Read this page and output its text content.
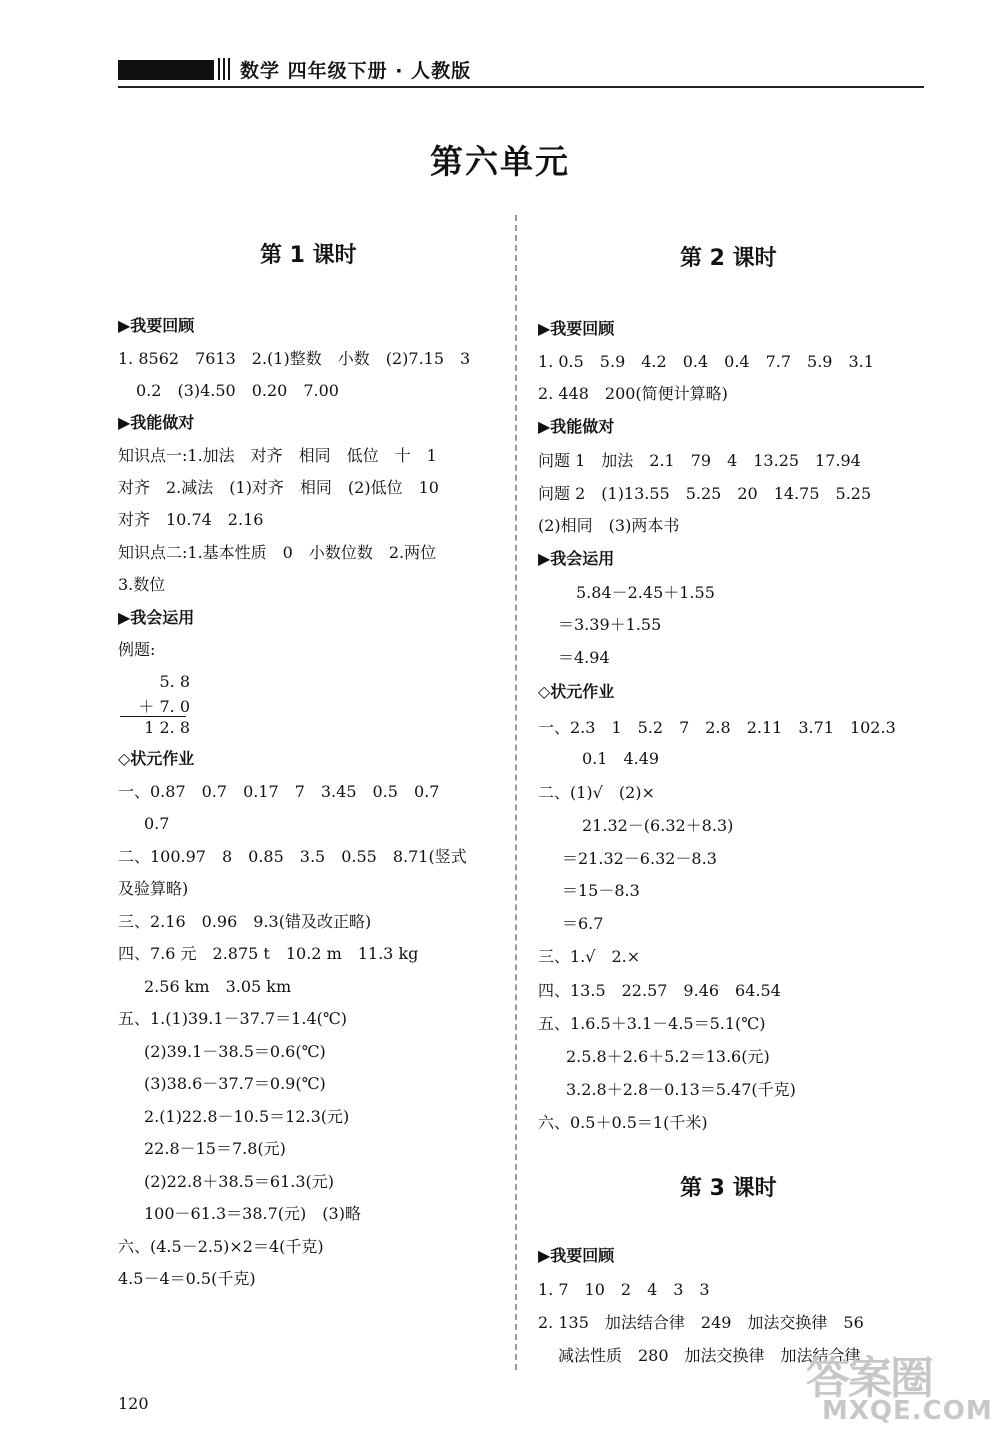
数学 四年级下册 · 人教版
第六单元
第 1 课时
▶我要回顾
1. 8562　7613　2.(1)整数　小数　(2)7.15　3
0.2　(3)4.50　0.20　7.00
▶我能做对
知识点一:1.加法　对齐　相同　低位　十　1
对齐　2.减法　(1)对齐　相同　(2)低位　10
对齐　10.74　2.16
知识点二:1.基本性质　0　小数位数　2.两位
3.数位
▶我会运用
例题:
◇状元作业
一、0.87　0.7　0.17　7　3.45　0.5　0.7
0.7
二、100.97　8　0.85　3.5　0.55　8.71(竖式
及验算略)
三、2.16　0.96　9.3(错及改正略)
四、7.6 元　2.875 t　10.2 m　11.3 kg
2.56 km　3.05 km
五、1.(1)39.1－37.7＝1.4(℃)
(2)39.1－38.5＝0.6(℃)
(3)38.6－37.7＝0.9(℃)
2.(1)22.8－10.5＝12.3(元)
22.8－15＝7.8(元)
(2)22.8＋38.5＝61.3(元)
100－61.3＝38.7(元)　(3)略
六、(4.5－2.5)×2＝4(千克)
4.5－4＝0.5(千克)
5. 8
＋ 7. 0
1 2. 8
第 2 课时
▶我要回顾
1. 0.5　5.9　4.2　0.4　0.4　7.7　5.9　3.1
2. 448　200(简便计算略)
▶我能做对
问题 1　加法　2.1　79　4　13.25　17.94
问题 2　(1)13.55　5.25　20　14.75　5.25
(2)相同　(3)两本书
▶我会运用
5.84－2.45＋1.55
＝3.39＋1.55
＝4.94
◇状元作业
一、2.3　1　5.2　7　2.8　2.11　3.71　102.3
0.1　4.49
二、(1)√　(2)×
21.32－(6.32＋8.3)
＝21.32－6.32－8.3
＝15－8.3
＝6.7
三、1.√　2.×
四、13.5　22.57　9.46　64.54
五、1.6.5＋3.1－4.5＝5.1(℃)
2.5.8＋2.6＋5.2＝13.6(元)
3.2.8＋2.8－0.13＝5.47(千克)
六、0.5＋0.5＝1(千米)
第 3 课时
▶我要回顾
1. 7　10　2　4　3　3
2. 135　加法结合律　249　加法交换律　56
减法性质　280　加法交换律　加法结合律
120	答案圈
MXQE.COM
